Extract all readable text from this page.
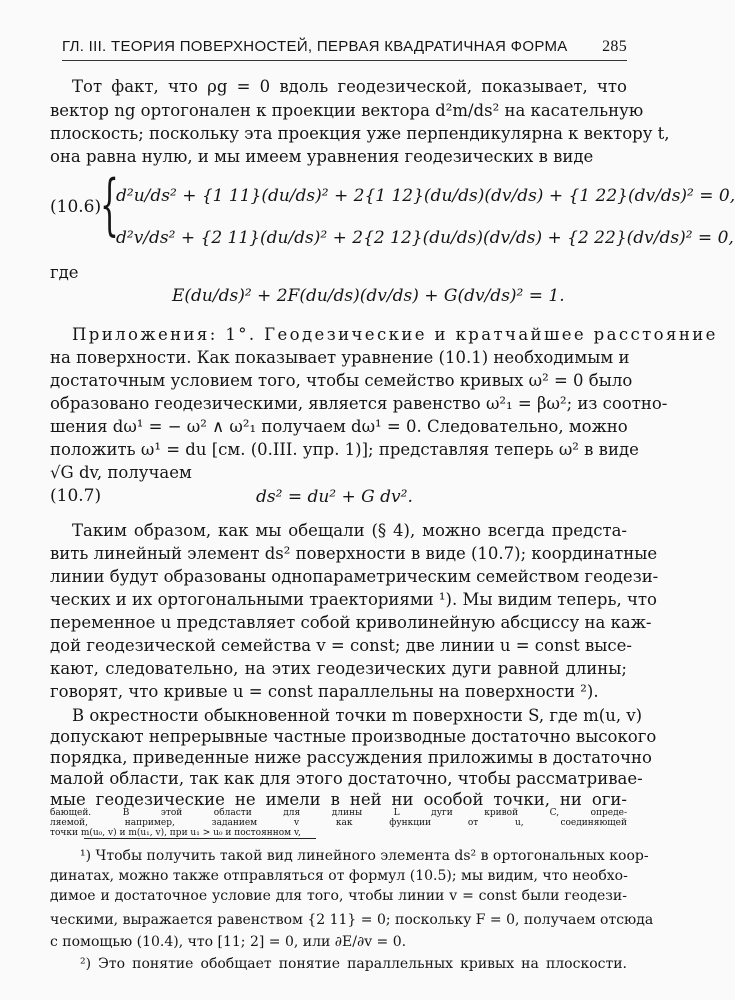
ГЛ. III. ТЕОРИЯ ПОВЕРХНОСТЕЙ, ПЕРВАЯ КВАДРАТИЧНАЯ ФОРМА 285
Тот факт, что ρg = 0 вдоль геодезической, показывает, что
вектор ng ортогонален к проекции вектора d²m/ds² на касательную
плоскость; поскольку эта проекция уже перпендикулярна к вектору t,
она равна нулю, и мы имеем уравнения геодезических в виде
(10.6)
{
d²u/ds² + {1 11}(du/ds)² + 2{1 12}(du/ds)(dv/ds) + {1 22}(dv/ds)² = 0,
d²v/ds² + {2 11}(du/ds)² + 2{2 12}(du/ds)(dv/ds) + {2 22}(dv/ds)² = 0,
где
E(du/ds)² + 2F(du/ds)(dv/ds) + G(dv/ds)² = 1.
Приложения: 1°. Геодезические и кратчайшее расстояние
на поверхности. Как показывает уравнение (10.1) необходимым и
достаточным условием того, чтобы семейство кривых ω² = 0 было
образовано геодезическими, является равенство ω²₁ = βω²; из соотно-
шения dω¹ = − ω² ∧ ω²₁ получаем dω¹ = 0. Следовательно, можно
положить ω¹ = du [см. (0.III. упр. 1)]; представляя теперь ω² в виде
√G dv, получаем
(10.7)	ds² = du² + G dv².
Таким образом, как мы обещали (§ 4), можно всегда предста-
вить линейный элемент ds² поверхности в виде (10.7); координатные
линии будут образованы однопараметрическим семейством геодези-
ческих и их ортогональными траекториями ¹). Мы видим теперь, что
переменное u представляет собой криволинейную абсциссу на каж-
дой геодезической семейства v = const; две линии u = const высе-
кают, следовательно, на этих геодезических дуги равной длины;
говорят, что кривые u = const параллельны на поверхности ²).
В окрестности обыкновенной точки m поверхности S, где m(u, v)
допускают непрерывные частные производные достаточно высокого
порядка, приведенные ниже рассуждения приложимы в достаточно
малой области, так как для этого достаточно, чтобы рассматривае-
мые геодезические не имели в ней ни особой точки, ни оги-
¹) Чтобы получить такой вид линейного элемента ds² в ортогональных коор-
динатах, можно также отправляться от формул (10.5); мы видим, что необхо-
димое и достаточное условие для того, чтобы линии v = const были геодези-
ческими, выражается равенством {2 11} = 0; поскольку F = 0, получаем отсюда
с помощью (10.4), что [11; 2] = 0, или ∂E/∂v = 0.
²) Это понятие обобщает понятие параллельных кривых на плоскости.
бающей. В этой области для длины L дуги кривой C, опреде-
ляемой, например, заданием v как функции от u, соединяющей
точки m(u₀, v) и m(u₁, v), при u₁ > u₀ и постоянном v,
